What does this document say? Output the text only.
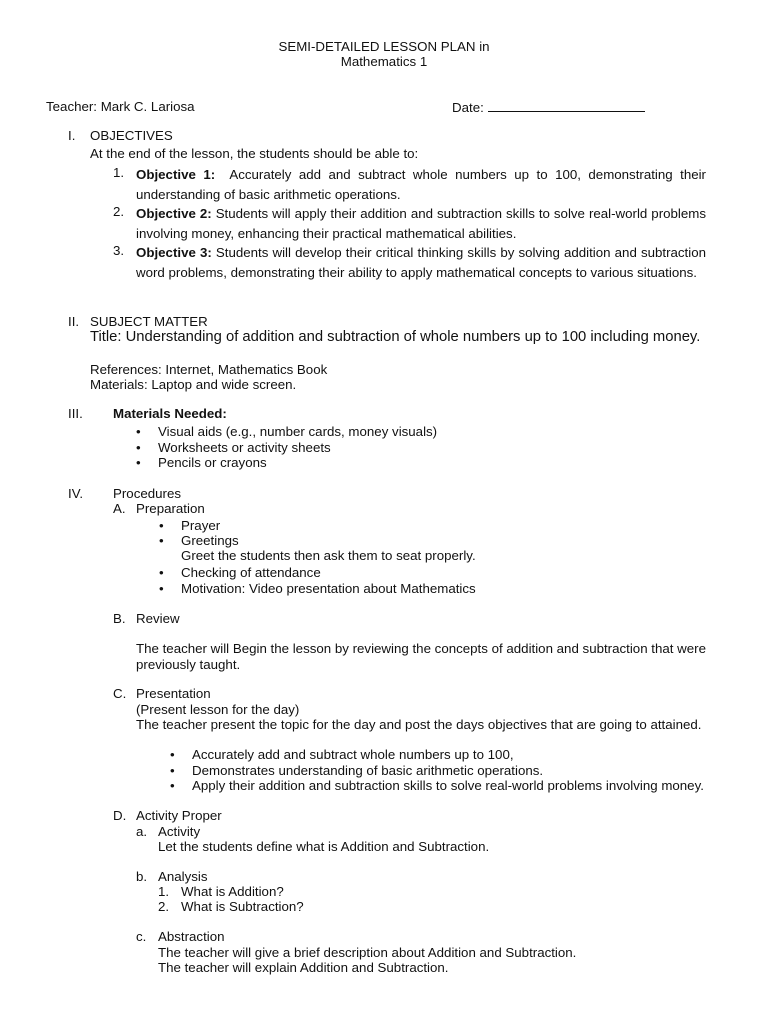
SEMI-DETAILED LESSON PLAN in
Mathematics 1
Teacher: Mark C. Lariosa	Date:
I. OBJECTIVES
At the end of the lesson, the students should be able to:
1. Objective 1: Accurately add and subtract whole numbers up to 100, demonstrating their understanding of basic arithmetic operations.
2. Objective 2: Students will apply their addition and subtraction skills to solve real-world problems involving money, enhancing their practical mathematical abilities.
3. Objective 3: Students will develop their critical thinking skills by solving addition and subtraction word problems, demonstrating their ability to apply mathematical concepts to various situations.
II. SUBJECT MATTER
Title: Understanding of addition and subtraction of whole numbers up to 100 including money.
References: Internet, Mathematics Book
Materials: Laptop and wide screen.
III. Materials Needed:
• Visual aids (e.g., number cards, money visuals)
• Worksheets or activity sheets
• Pencils or crayons
IV. Procedures
A. Preparation
• Prayer
• Greetings
Greet the students then ask them to seat properly.
• Checking of attendance
• Motivation: Video presentation about Mathematics
B. Review
The teacher will Begin the lesson by reviewing the concepts of addition and subtraction that were previously taught.
C. Presentation
(Present lesson for the day)
The teacher present the topic for the day and post the days objectives that are going to attained.
• Accurately add and subtract whole numbers up to 100,
• Demonstrates understanding of basic arithmetic operations.
• Apply their addition and subtraction skills to solve real-world problems involving money.
D. Activity Proper
a. Activity
Let the students define what is Addition and Subtraction.
b. Analysis
1. What is Addition?
2. What is Subtraction?
c. Abstraction
The teacher will give a brief description about Addition and Subtraction.
The teacher will explain Addition and Subtraction.
